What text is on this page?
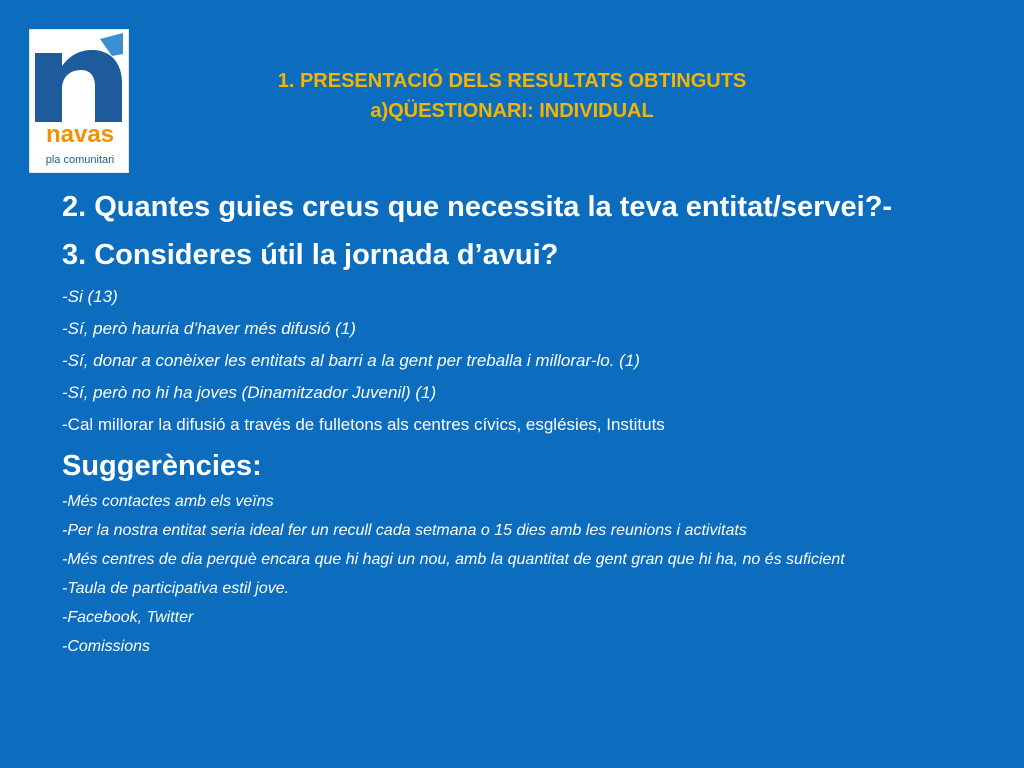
navas
pla comunitari
1. PRESENTACIÓ DELS RESULTATS OBTINGUTS
a)QÜESTIONARI: INDIVIDUAL
2. Quantes guies creus que necessita la teva entitat/servei?-
3. Consideres útil la jornada d’avui?
-Si (13)
-Sí, però hauria d’haver més difusió (1)
-Sí, donar a conèixer les entitats al barri a la gent per treballa i millorar-lo. (1)
-Sí, però no hi ha joves (Dinamitzador Juvenil) (1)
-Cal millorar la difusió a través de fulletons als centres cívics, esglésies, Instituts
Suggerències:
-Més contactes amb els veïns
-Per la nostra entitat seria ideal fer un recull cada setmana o 15 dies amb les reunions i activitats
-Més centres de dia perquè encara que hi hagi un nou, amb la quantitat de gent gran que hi ha, no és suficient
-Taula de participativa estil jove.
-Facebook, Twitter
-Comissions
